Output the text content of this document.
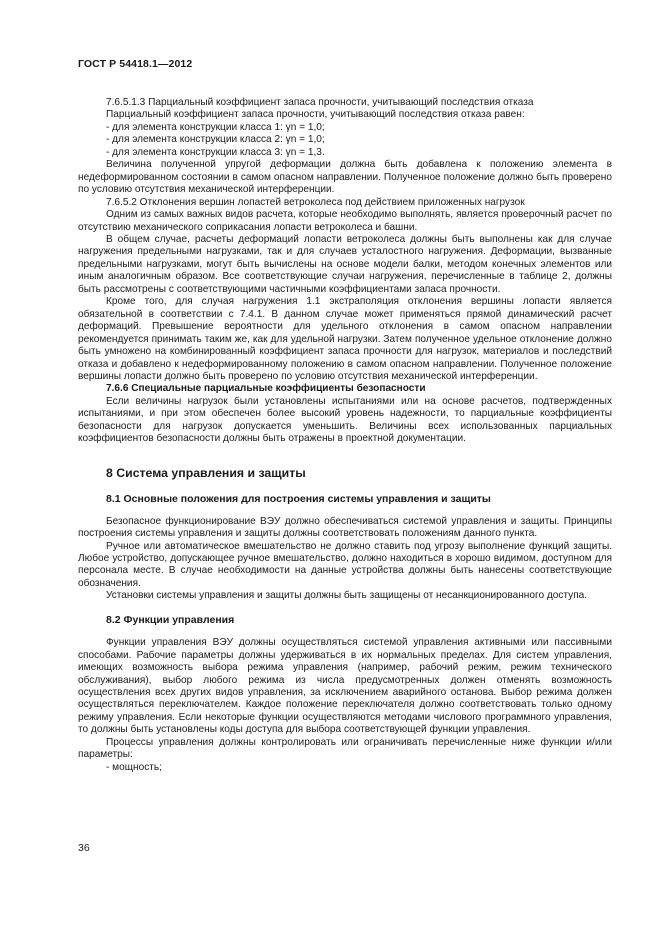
ГОСТ Р 54418.1—2012

7.6.5.1.3 Парциальный коэффициент запаса прочности, учитывающий последствия отказа

Парциальный коэффициент запаса прочности, учитывающий последствия отказа равен:

- для элемента конструкции класса 1: γn = 1,0;

- для элемента конструкции класса 2: γn = 1,0;

- для элемента конструкции класса 3: γn = 1,3.

Величина полученной упругой деформации должна быть добавлена к положению элемента в недеформированном состоянии в самом опасном направлении. Полученное положение должно быть проверено по условию отсутствия механической интерференции.

7.6.5.2 Отклонения вершин лопастей ветроколеса под действием приложенных нагрузок

Одним из самых важных видов расчета, которые необходимо выполнять, является проверочный расчет по отсутствию механического соприкасания лопасти ветроколеса и башни.

В общем случае, расчеты деформаций лопасти ветроколеса должны быть выполнены как для случае нагружения предельными нагрузками, так и для случаев усталостного нагружения. Деформации, вызванные предельными нагрузками, могут быть вычислены на основе модели балки, методом конечных элементов или иным аналогичным образом. Все соответствующие случаи нагружения, перечисленные в таблице 2, должны быть рассмотрены с соответствующими частичными коэффициентами запаса прочности.

Кроме того, для случая нагружения 1.1 экстраполяция отклонения вершины лопасти является обязательной в соответствии с 7.4.1. В данном случае может применяться прямой динамический расчет деформаций. Превышение вероятности для удельного отклонения в самом опасном направлении рекомендуется принимать таким же, как для удельной нагрузки. Затем полученное удельное отклонение должно быть умножено на комбинированный коэффициент запаса прочности для нагрузок, материалов и последствий отказа и добавлено к недеформированному положению в самом опасном направлении. Полученное положение вершины лопасти должно быть проверено по условию отсутствия механической интерференции.

7.6.6 Специальные парциальные коэффициенты безопасности

Если величины нагрузок были установлены испытаниями или на основе расчетов, подтвержденных испытаниями, и при этом обеспечен более высокий уровень надежности, то парциальные коэффициенты безопасности для нагрузок допускается уменьшить. Величины всех использованных парциальных коэффициентов безопасности должны быть отражены в проектной документации.

8 Система управления и защиты

8.1 Основные положения для построения системы управления и защиты

Безопасное функционирование ВЭУ должно обеспечиваться системой управления и защиты. Принципы построения системы управления и защиты должны соответствовать положениям данного пункта.

Ручное или автоматическое вмешательство не должно ставить под угрозу выполнение функций защиты. Любое устройство, допускающее ручное вмешательство, должно находиться в хорошо видимом, доступном для персонала месте. В случае необходимости на данные устройства должны быть нанесены соответствующие обозначения.

Установки системы управления и защиты должны быть защищены от несанкционированного доступа.

8.2 Функции управления

Функции управления ВЭУ должны осуществляться системой управления активными или пассивными способами. Рабочие параметры должны удерживаться в их нормальных пределах. Для систем управления, имеющих возможность выбора режима управления (например, рабочий режим, режим технического обслуживания), выбор любого режима из числа предусмотренных должен отменять возможность осуществления всех других видов управления, за исключением аварийного останова. Выбор режима должен осуществляться переключателем. Каждое положение переключателя должно соответствовать только одному режиму управления. Если некоторые функции осуществляются методами числового программного управления, то должны быть установлены коды доступа для выбора соответствующей функции управления.

Процессы управления должны контролировать или ограничивать перечисленные ниже функции и/или параметры:

- мощность;

36
